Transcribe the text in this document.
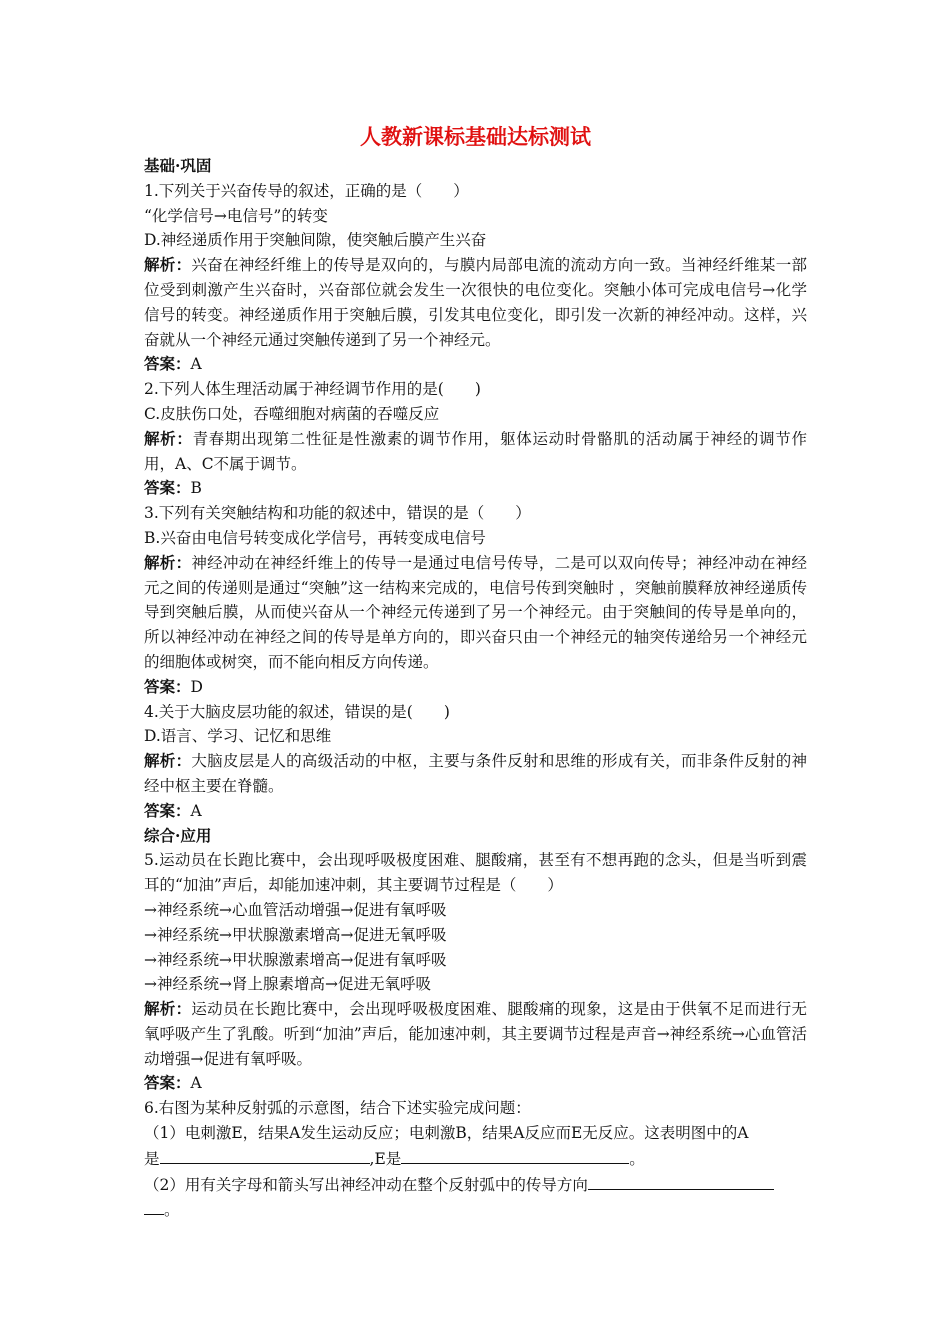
人教新课标基础达标测试
基础·巩固
1.下列关于兴奋传导的叙述，正确的是（　　）
“化学信号→电信号”的转变
D.神经递质作用于突触间隙，使突触后膜产生兴奋
解析：兴奋在神经纤维上的传导是双向的，与膜内局部电流的流动方向一致。当神经纤维某一部位受到刺激产生兴奋时，兴奋部位就会发生一次很快的电位变化。突触小体可完成电信号→化学信号的转变。神经递质作用于突触后膜，引发其电位变化，即引发一次新的神经冲动。这样，兴奋就从一个神经元通过突触传递到了另一个神经元。
答案：A
2.下列人体生理活动属于神经调节作用的是(　　)
C.皮肤伤口处，吞噬细胞对病菌的吞噬反应
解析：青春期出现第二性征是性激素的调节作用，躯体运动时骨骼肌的活动属于神经的调节作用，A、C不属于调节。
答案：B
3.下列有关突触结构和功能的叙述中，错误的是（　　）
B.兴奋由电信号转变成化学信号，再转变成电信号
解析：神经冲动在神经纤维上的传导一是通过电信号传导，二是可以双向传导；神经冲动在神经元之间的传递则是通过“突触”这一结构来完成的，电信号传到突触时 ，突触前膜释放神经递质传导到突触后膜，从而使兴奋从一个神经元传递到了另一个神经元。由于突触间的传导是单向的，所以神经冲动在神经之间的传导是单方向的，即兴奋只由一个神经元的轴突传递给另一个神经元的细胞体或树突，而不能向相反方向传递。
答案：D
4.关于大脑皮层功能的叙述，错误的是(　　)
D.语言、学习、记忆和思维
解析：大脑皮层是人的高级活动的中枢，主要与条件反射和思维的形成有关，而非条件反射的神经中枢主要在脊髓。
答案：A
综合·应用
5.运动员在长跑比赛中，会出现呼吸极度困难、腿酸痛，甚至有不想再跑的念头，但是当听到震耳的“加油”声后，却能加速冲刺，其主要调节过程是（　　）
→神经系统→心血管活动增强→促进有氧呼吸
→神经系统→甲状腺激素增高→促进无氧呼吸
→神经系统→甲状腺激素增高→促进有氧呼吸
→神经系统→肾上腺素增高→促进无氧呼吸
解析：运动员在长跑比赛中，会出现呼吸极度困难、腿酸痛的现象，这是由于供氧不足而进行无氧呼吸产生了乳酸。听到“加油”声后，能加速冲刺，其主要调节过程是声音→神经系统→心血管活动增强→促进有氧呼吸。
答案：A
6.右图为某种反射弧的示意图，结合下述实验完成问题：
（1）电刺激E，结果A发生运动反应；电刺激B，结果A反应而E无反应。这表明图中的A
是	,E是	。
（2）用有关字母和箭头写出神经冲动在整个反射弧中的传导方向
。
